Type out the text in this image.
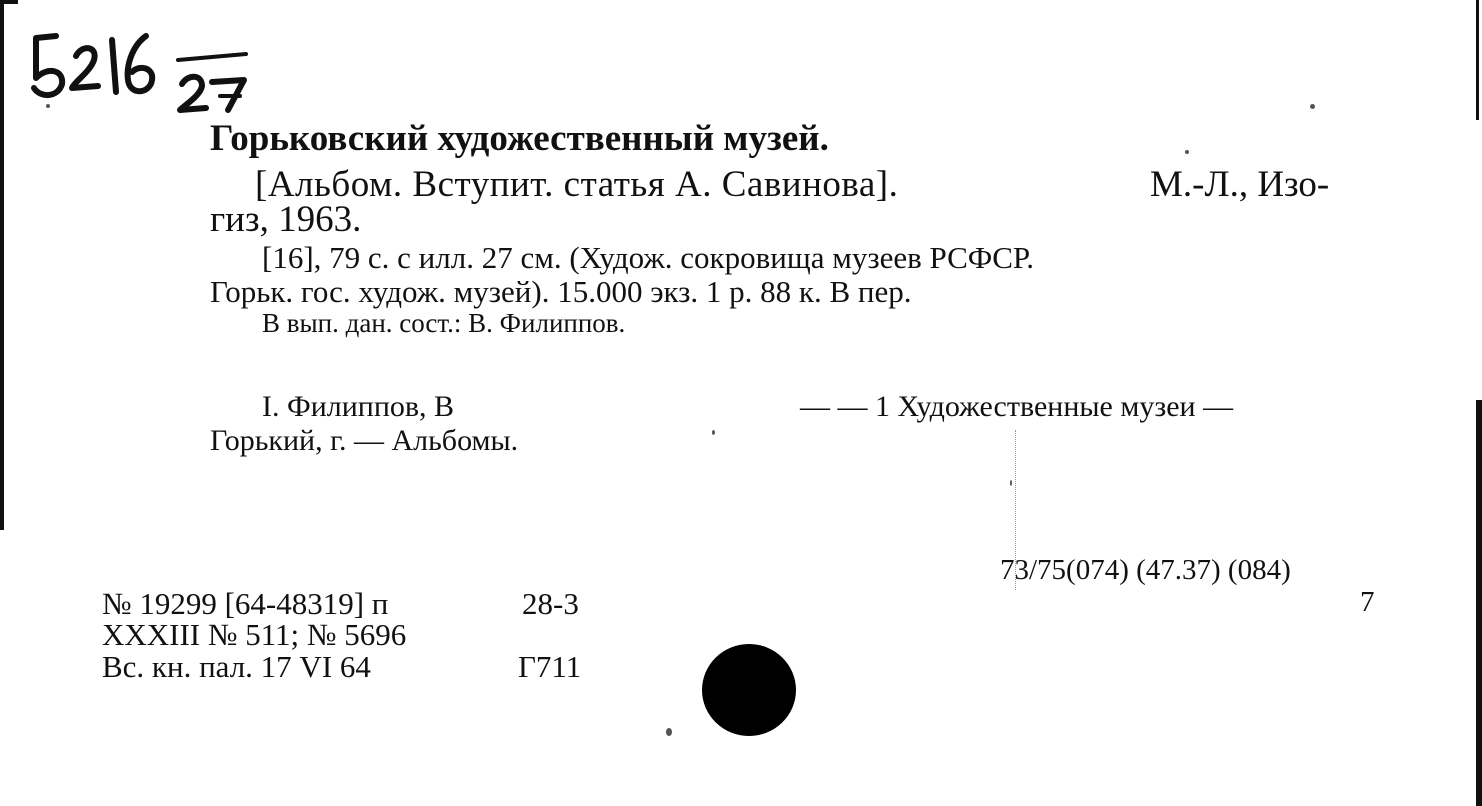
Горьковский художественный музей.
[Альбом. Вступит. статья А. Савинова].	М.-Л., Изо-
гиз, 1963.
[16], 79 с. с илл. 27 см. (Худож. сокровища музеев РСФСР.
Горьк. гос. худож. музей). 15.000 экз. 1 р. 88 к. В пер.
В вып. дан. сост.: В. Филиппов.
I. Филиппов, В	— — 1 Художественные музеи —
Горький, г. — Альбомы.
73/75(074) (47.37) (084)
7
№ 19299 [64-48319] п	28-3
XXXIII № 511; № 5696
Вс. кн. пал. 17 VI 64	Г711
